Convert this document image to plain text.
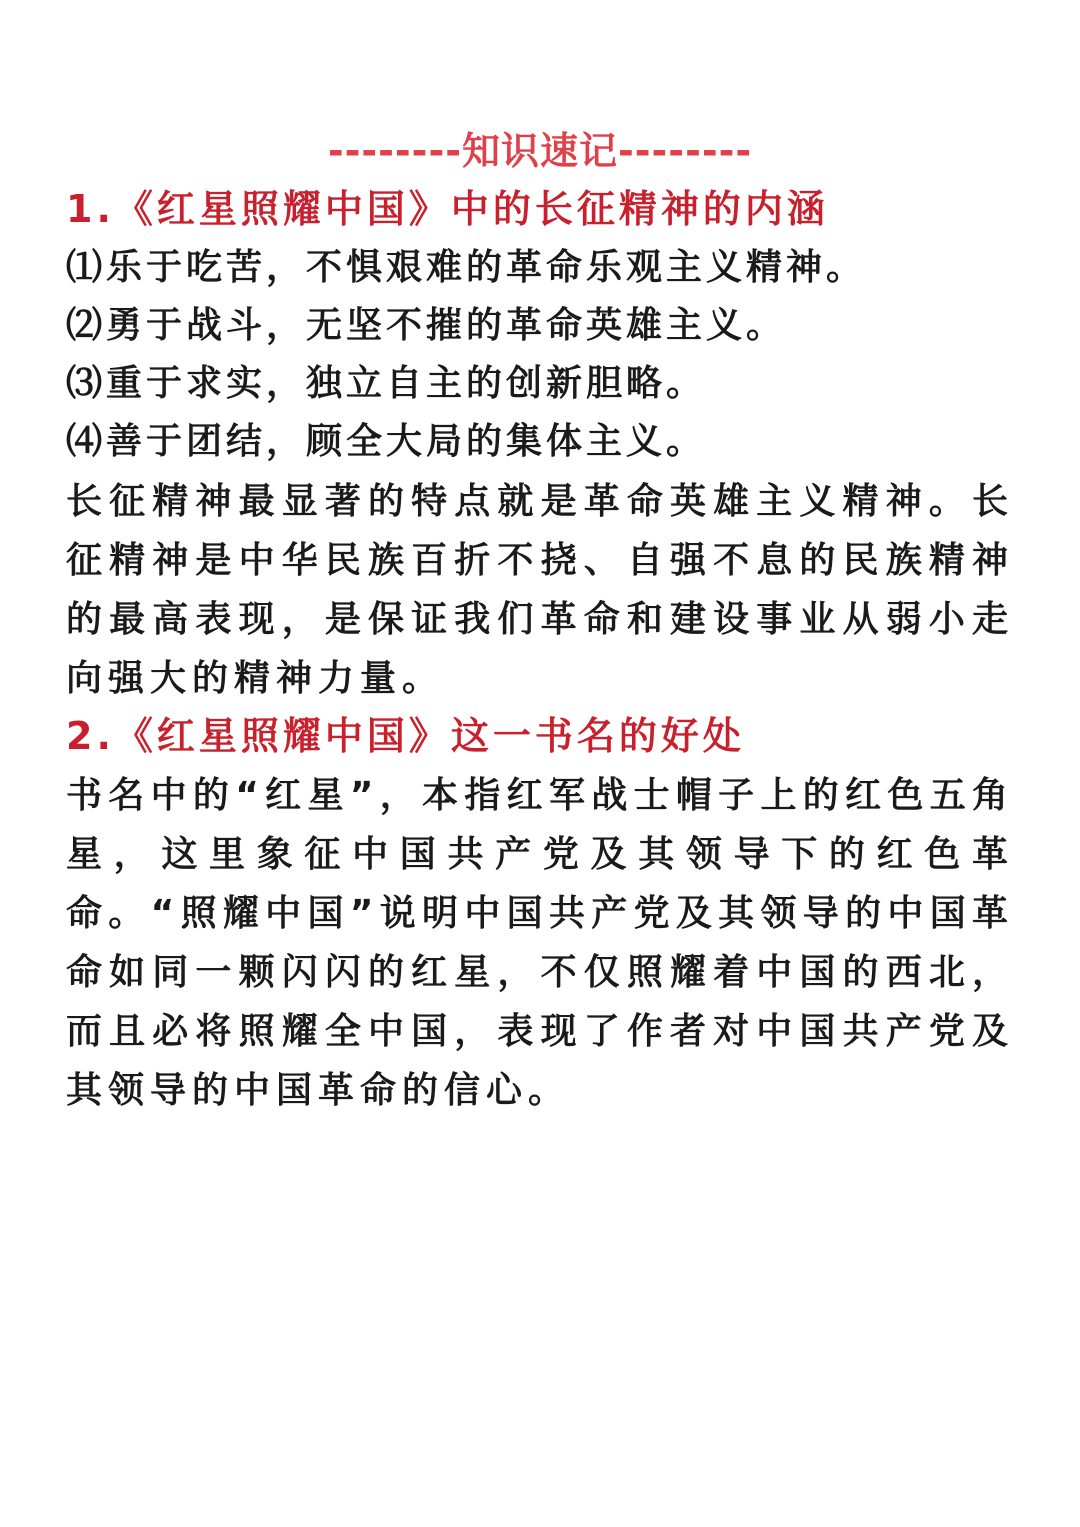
--------知识速记--------
1.《红星照耀中国》中的长征精神的内涵
⑴乐于吃苦，不惧艰难的革命乐观主义精神。
⑵勇于战斗，无坚不摧的革命英雄主义。
⑶重于求实，独立自主的创新胆略。
⑷善于团结，顾全大局的集体主义。
长征精神最显著的特点就是革命英雄主义精神。长征精神是中华民族百折不挠、自强不息的民族精神的最高表现，是保证我们革命和建设事业从弱小走向强大的精神力量。
2.《红星照耀中国》这一书名的好处
书名中的“红星”，本指红军战士帽子上的红色五角星，这里象征中国共产党及其领导下的红色革命。“照耀中国”说明中国共产党及其领导的中国革命如同一颗闪闪的红星，不仅照耀着中国的西北，而且必将照耀全中国，表现了作者对中国共产党及其领导的中国革命的信心。
